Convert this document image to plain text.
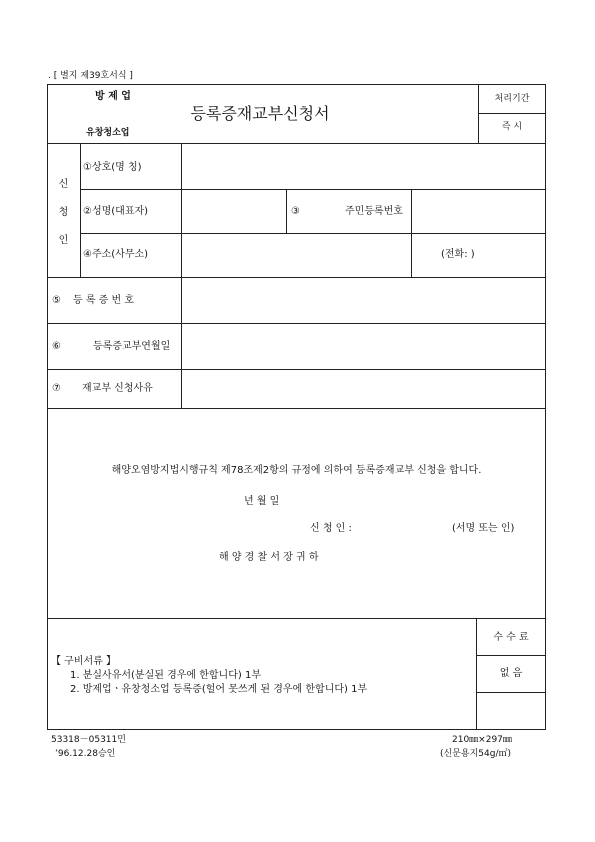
. [ 별지 제39호서식 ]
방 제 업
유창청소업
등록증재교부신청서
처리기간
즉 시
신
청
인
①상호(명 칭)
②성명(대표자)	③	주민등록번호
④주소(사무소)	(전화: )
⑤ 등 록 증 번 호
⑥	등록증교부연월일
⑦ 재교부 신청사유
해양오염방지법시행규칙 제78조제2항의 규정에 의하여 등록증재교부 신청을 합니다.
년 월 일
신 청 인 :	(서명 또는 인)
해 양 경 찰 서 장 귀 하
【 구비서류 】
1. 분실사유서(분실된 경우에 한합니다) 1부
2. 방제업ㆍ유창청소업 등록증(헐어 못쓰게 된 경우에 한합니다) 1부
수 수 료
없 음
53318－05311민
’96.12.28승인
210㎜×297㎜
(신문용지54g/㎡)
